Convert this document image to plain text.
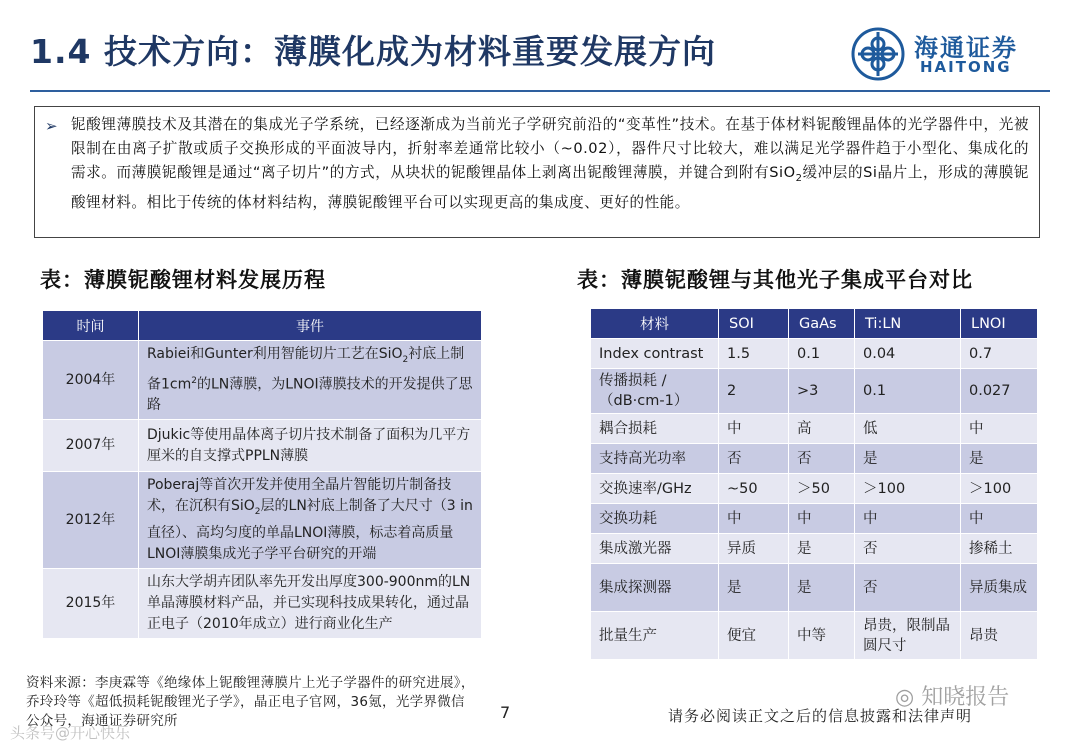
1.4 技术方向：薄膜化成为材料重要发展方向	海通证券
HAITONG
➢ 铌酸锂薄膜技术及其潜在的集成光子学系统，已经逐渐成为当前光子学研究前沿的“变革性”技术。在基于体材料铌酸锂晶体的光学器件中，光被限制在由离子扩散或质子交换形成的平面波导内，折射率差通常比较小（~0.02），器件尺寸比较大，难以满足光学器件趋于小型化、集成化的需求。而薄膜铌酸锂是通过“离子切片”的方式，从块状的铌酸锂晶体上剥离出铌酸锂薄膜，并键合到附有SiO$_2$缓冲层的Si晶片上，形成的薄膜铌酸锂材料。相比于传统的体材料结构，薄膜铌酸锂平台可以实现更高的集成度、更好的性能。
表：薄膜铌酸锂材料发展历程	表：薄膜铌酸锂与其他光子集成平台对比
时间	事件
2004年	Rabiei和Gunter利用智能切片工艺在SiO$_2$衬底上制备$1cm^2$的LN薄膜，为LNOI薄膜技术的开发提供了思路
2007年	Djukic等使用晶体离子切片技术制备了面积为几平方厘米的自支撑式PPLN薄膜
2012年	Poberaj等首次开发并使用全晶片智能切片制备技术，在沉积有SiO$_2$层的LN衬底上制备了大尺寸（3 in直径）、高均匀度的单晶LNOI薄膜，标志着高质量LNOI薄膜集成光子学平台研究的开端
2015年	山东大学胡卉团队率先开发出厚度300-900nm的LN单晶薄膜材料产品，并已实现科技成果转化，通过晶正电子（2010年成立）进行商业化生产
材料	SOI	GaAs	Ti:LN	LNOI
Index contrast	1.5	0.1	0.04	0.7
传播损耗 /（dB·cm-1）	2	>3	0.1	0.027
耦合损耗	中	高	低	中
支持高光功率	否	否	是	是
交换速率/GHz	~50	＞50	＞100	＞100
交换功耗	中	中	中	中
集成激光器	异质	是	否	掺稀土
集成探测器	是	是	否	异质集成
批量生产	便宜	中等	昂贵，限制晶圆尺寸	昂贵
资料来源：李庚霖等《绝缘体上铌酸锂薄膜片上光子学器件的研究进展》，乔玲玲等《超低损耗铌酸锂光子学》，晶正电子官网，36氪，光学界微信公众号，海通证券研究所	7	请务必阅读正文之后的信息披露和法律声明
◎ 知晓报告
头条号@开心快乐
